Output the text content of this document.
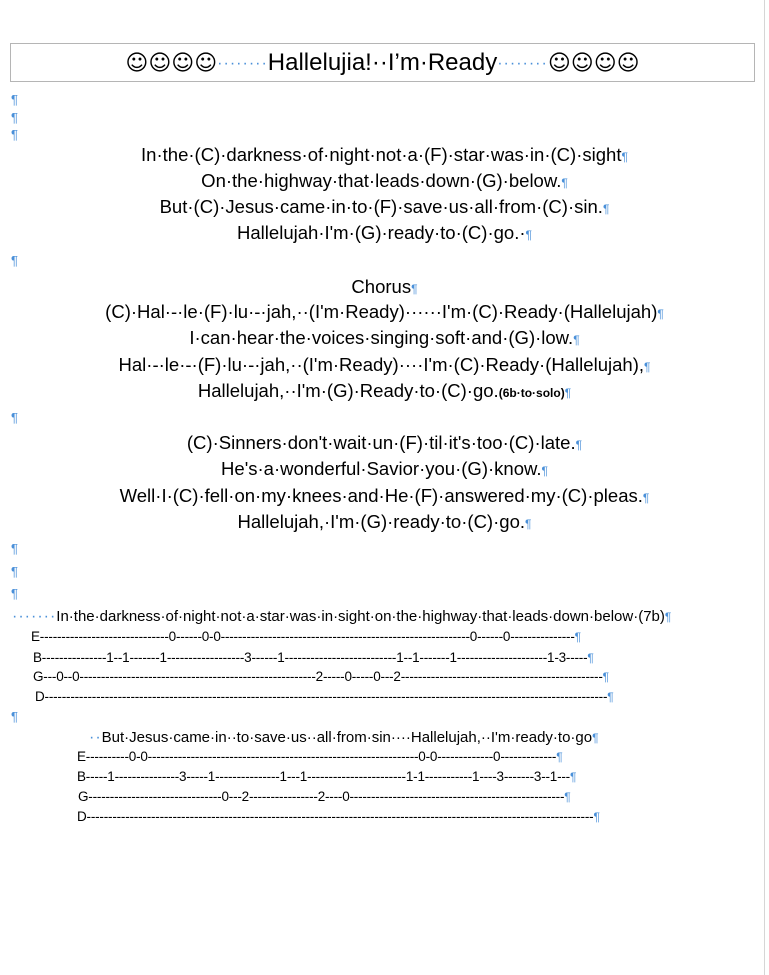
☺☺☺☺········Hallelujia!··I’m·Ready········☺☺☺☺
¶
¶
¶
In·the·(C)·darkness·of·night·not·a·(F)·star·was·in·(C)·sight¶
On·the·highway·that·leads·down·(G)·below.¶
But·(C)·Jesus·came·in·to·(F)·save·us·all·from·(C)·sin.¶
Hallelujah·I'm·(G)·ready·to·(C)·go.·¶
¶
Chorus¶
(C)·Hal·-·le·(F)·lu·-·jah,··(I'm·Ready)······I'm·(C)·Ready·(Hallelujah)¶
I·can·hear·the·voices·singing·soft·and·(G)·low.¶
Hal·-·le·-·(F)·lu·-·jah,··(I'm·Ready)····I'm·(C)·Ready·(Hallelujah),¶
Hallelujah,··I'm·(G)·Ready·to·(C)·go.(6b·to·solo)¶
¶
(C)·Sinners·don't·wait·un·(F)·til·it's·too·(C)·late.¶
He's·a·wonderful·Savior·you·(G)·know.¶
Well·I·(C)·fell·on·my·knees·and·He·(F)·answered·my·(C)·pleas.¶
Hallelujah,·I'm·(G)·ready·to·(C)·go.¶
¶
¶
¶
·······In·the·darkness·of·night·not·a·star·was·in·sight·on·the·highway·that·leads·down·below·(7b)¶
E------------------------------0------0-0----------------------------------------------------------0------0---------------¶
B---------------1--1-------1------------------3------1--------------------------1--1-------1---------------------1-3-----¶
G---0--0-------------------------------------------------------2-----0-----0---2-----------------------------------------------¶
D-----------------------------------------------------------------------------------------------------------------------------------¶
¶
··But·Jesus·came·in··to·save·us··all·from·sin····Hallelujah,··I'm·ready·to·go¶
E----------0-0---------------------------------------------------------------0-0-------------0-------------¶
B-----1---------------3-----1---------------1---1-----------------------1-1-----------1----3-------3--1---¶
G-------------------------------0---2----------------2----0--------------------------------------------------¶
D----------------------------------------------------------------------------------------------------------------------¶
